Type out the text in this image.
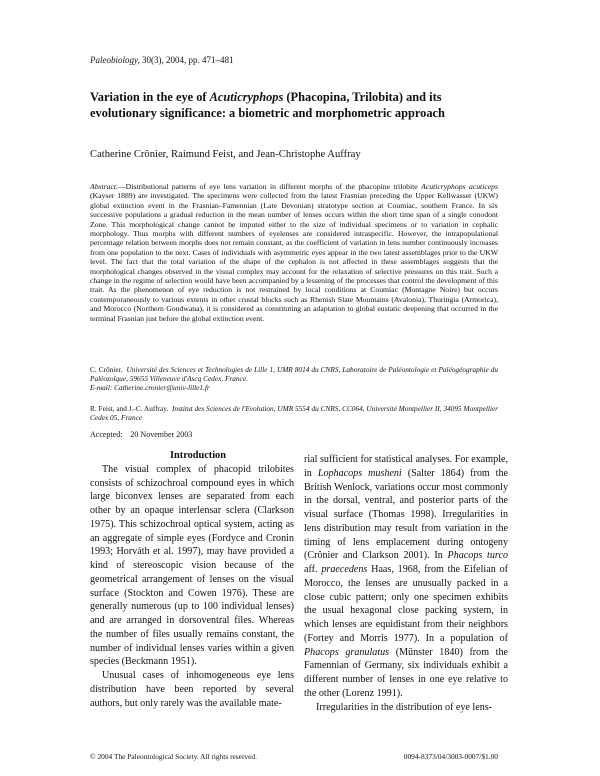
Paleobiology, 30(3), 2004, pp. 471–481
Variation in the eye of Acuticryphops (Phacopina, Trilobita) and its evolutionary significance: a biometric and morphometric approach
Catherine Crônier, Raimund Feist, and Jean-Christophe Auffray

Abstract.—Distributional patterns of eye lens variation in different morphs of the phacopine trilobite Acuticryphops acuticeps (Kayser 1889) are investigated. The specimens were collected from the latest Frasnian preceding the Upper Kellwasser (UKW) global extinction event in the Frasnian–Famennian (Late Devonian) stratotype section at Coumiac, southern France. In six successive populations a gradual reduction in the mean number of lenses occurs within the short time span of a single conodont Zone. This morphological change cannot be imputed either to the size of individual specimens or to variation in cephalic morphology. Thus morphs with different numbers of eyelenses are considered intraspecific. However, the intrapopulational percentage relation between morphs does not remain constant, as the coefficient of variation in lens number continuously increases from one population to the next. Cases of individuals with asymmetric eyes appear in the two latest assemblages prior to the UKW level. The fact that the total variation of the shape of the cephalon is not affected in these assemblages suggests that the morphological changes observed in the visual complex may account for the relaxation of selective pressures on this trait. Such a change in the regime of selection would have been accompanied by a lessening of the processes that control the development of this trait. As the phenomenon of eye reduction is not restrained by local conditions at Coumiac (Montagne Noire) but occurs contemporaneously to various extents in other crustal blocks such as Rhenish Slate Mountains (Avalonia), Thuringia (Armorica), and Morocco (Northern Gondwana), it is considered as constituting an adaptation to global eustatic deepening that occurred in the terminal Frasnian just before the global extinction event.

C. Crônier. Université des Sciences et Technologies de Lille 1, UMR 8014 du CNRS, Laboratoire de Paléontologie et Paléogéographie du Paléozoïque, 59655 Villeneuve d'Ascq Cedex, France.
E-mail: Catherine.cronier@univ-lille1.fr

R. Feist, and J.-C. Auffray. Institut des Sciences de l'Evolution, UMR 5554 du CNRS, CC064, Université Montpellier II, 34095 Montpellier Cedex 05, France

Accepted:    20 November 2003

Introduction

The visual complex of phacopid trilobites consists of schizochroal compound eyes in which large biconvex lenses are separated from each other by an opaque interlensar sclera (Clarkson 1975). This schizochroal optical system, acting as an aggregate of simple eyes (Fordyce and Cronin 1993; Horváth et al. 1997), may have provided a kind of stereoscopic vision because of the geometrical arrangement of lenses on the visual surface (Stockton and Cowen 1976). These are generally numerous (up to 100 individual lenses) and are arranged in dorsoventral files. Whereas the number of files usually remains constant, the number of individual lenses varies within a given species (Beckmann 1951).

Unusual cases of inhomogeneous eye lens distribution have been reported by several authors, but only rarely was the available mate-

rial sufficient for statistical analyses. For example, in Lophacops mushenі (Salter 1864) from the British Wenlock, variations occur most commonly in the dorsal, ventral, and posterior parts of the visual surface (Thomas 1998). Irregularities in lens distribution may result from variation in the timing of lens emplacement during ontogeny (Crônier and Clarkson 2001). In Phacops turco aff. praecedens Haas, 1968, from the Eifelian of Morocco, the lenses are unusually packed in a close cubic pattern; only one specimen exhibits the usual hexagonal close packing system, in which lenses are equidistant from their neighbors (Fortey and Morris 1977). In a population of Phacops granulatus (Münster 1840) from the Famennian of Germany, six individuals exhibit a different number of lenses in one eye relative to the other (Lorenz 1991).

Irregularities in the distribution of eye lens-

© 2004 The Paleontological Society. All rights reserved.	0094-8373/04/3003-0007/$1.00
